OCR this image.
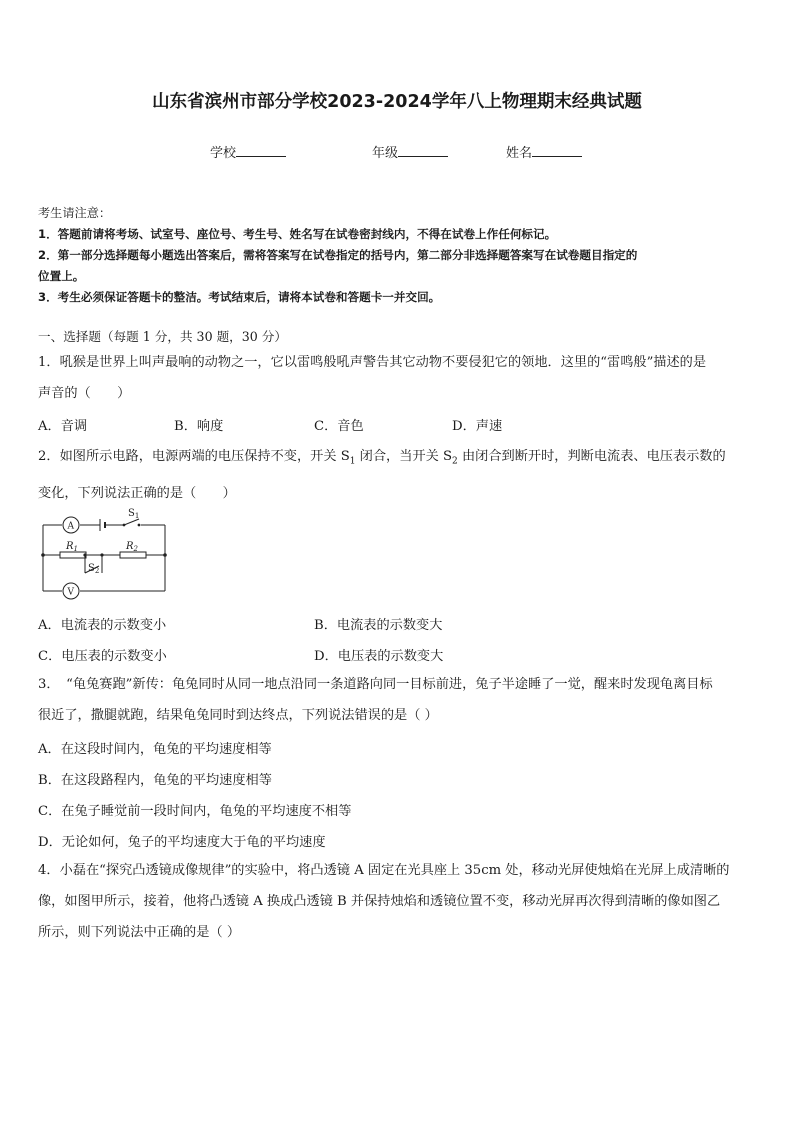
山东省滨州市部分学校2023-2024学年八上物理期末经典试题
学校	年级	姓名
考生请注意：
1．答题前请将考场、试室号、座位号、考生号、姓名写在试卷密封线内，不得在试卷上作任何标记。
2．第一部分选择题每小题选出答案后，需将答案写在试卷指定的括号内，第二部分非选择题答案写在试卷题目指定的
位置上。
3．考生必须保证答题卡的整洁。考试结束后，请将本试卷和答题卡一并交回。
一、选择题（每题 1 分，共 30 题，30 分）
1．吼猴是世界上叫声最响的动物之一，它以雷鸣般吼声警告其它动物不要侵犯它的领地．这里的“雷鸣般”描述的是
声音的（　　）
A．音调	B．响度	C．音色	D．声速
2．如图所示电路，电源两端的电压保持不变，开关 $S_1$ 闭合，当开关 $S_2$ 由闭合到断开时，判断电流表、电压表示数的
变化，下列说法正确的是（　　）
A
V
$S_1$
$S_2$
$R_1$	$R_2$
A．电流表的示数变小	B．电流表的示数变大
C．电压表的示数变小	D．电压表的示数变大
3．　“龟兔赛跑”新传：龟兔同时从同一地点沿同一条道路向同一目标前进，兔子半途睡了一觉，醒来时发现龟离目标
很近了，撒腿就跑，结果龟兔同时到达终点，下列说法错误的是（ ）
A．在这段时间内，龟兔的平均速度相等
B．在这段路程内，龟兔的平均速度相等
C．在兔子睡觉前一段时间内，龟兔的平均速度不相等
D．无论如何，兔子的平均速度大于龟的平均速度
4．小磊在“探究凸透镜成像规律”的实验中，将凸透镜 A 固定在光具座上 35cm 处，移动光屏使烛焰在光屏上成清晰的
像，如图甲所示，接着，他将凸透镜 A 换成凸透镜 B 并保持烛焰和透镜位置不变，移动光屏再次得到清晰的像如图乙
所示，则下列说法中正确的是（ ）
